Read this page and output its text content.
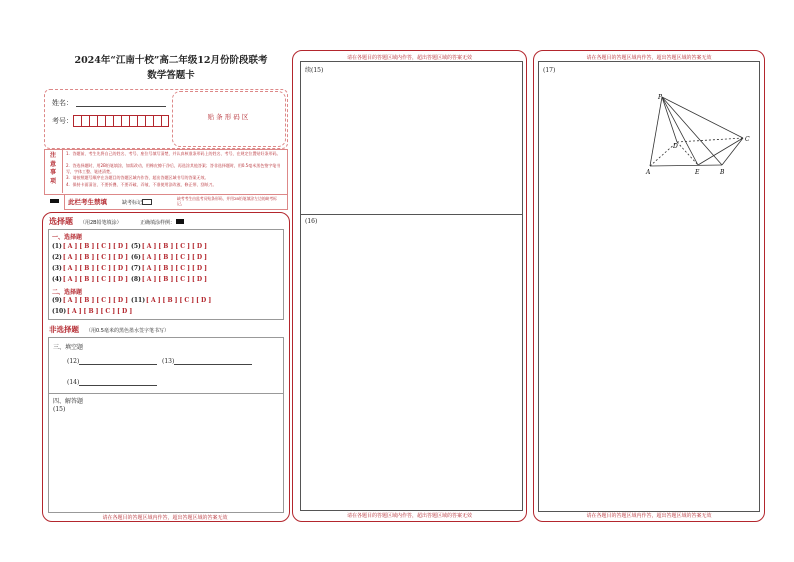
2024年“江南十校”高二年级12月份阶段联考
数学答题卡
姓名：
考号：	贴 条 形 码 区
注意事项
1．答题前，考生先将自己的姓名、考号、座位号填写清楚，并认真核准条形码上的姓名、考号，在规定位置贴好条形码。
2．答选择题时，用2B铅笔填涂，如需改动，用橡皮擦干净后，再选涂其他答案；答非选择题时，用0.5毫米黑色签字笔书写，字体工整、笔迹清楚。
3．请按照题号顺序在各题目的答题区域内作答，超出答题区域书写的答案无效。
4．保持卡面清洁，不要折叠、不要弄破、弄皱，不准使用涂改液、修正带、刮纸刀。
此栏考生禁填	缺考标记
缺考考生由监考员贴条形码，并用2B铅笔填涂左边的缺考标记。
选择题 （用2B铅笔填涂）	正确填涂样例：
一、选择题
(1)[ A ] [ B ] [ C ] [ D ] (5)[ A ] [ B ] [ C ] [ D ]
(2)[ A ] [ B ] [ C ] [ D ] (6)[ A ] [ B ] [ C ] [ D ]
(3)[ A ] [ B ] [ C ] [ D ] (7)[ A ] [ B ] [ C ] [ D ]
(4)[ A ] [ B ] [ C ] [ D ] (8)[ A ] [ B ] [ C ] [ D ]
(9)[ A ] [ B ] [ C ] [ D ] (11)[ A ] [ B ] [ C ] [ D ]
(10)[ A ] [ B ] [ C ] [ D ]
二、选择题
非选择题 （用0.5毫米的黑色墨水签字笔书写）
三、填空题
(12)	(13)
(14)
四、解答题
(15)
请在各题目的答题区域内作答，超出答题区域的答案无效
请在各题目的答题区域内作答，超出答题区域的答案无效
续(15)
(16)
请在各题目的答题区域内作答，超出答题区域的答案无效
请在各题目的答题区域内作答，超出答题区域的答案无效
(17)
P
A	B
C
D
E
请在各题目的答题区域内作答，超出答题区域的答案无效
